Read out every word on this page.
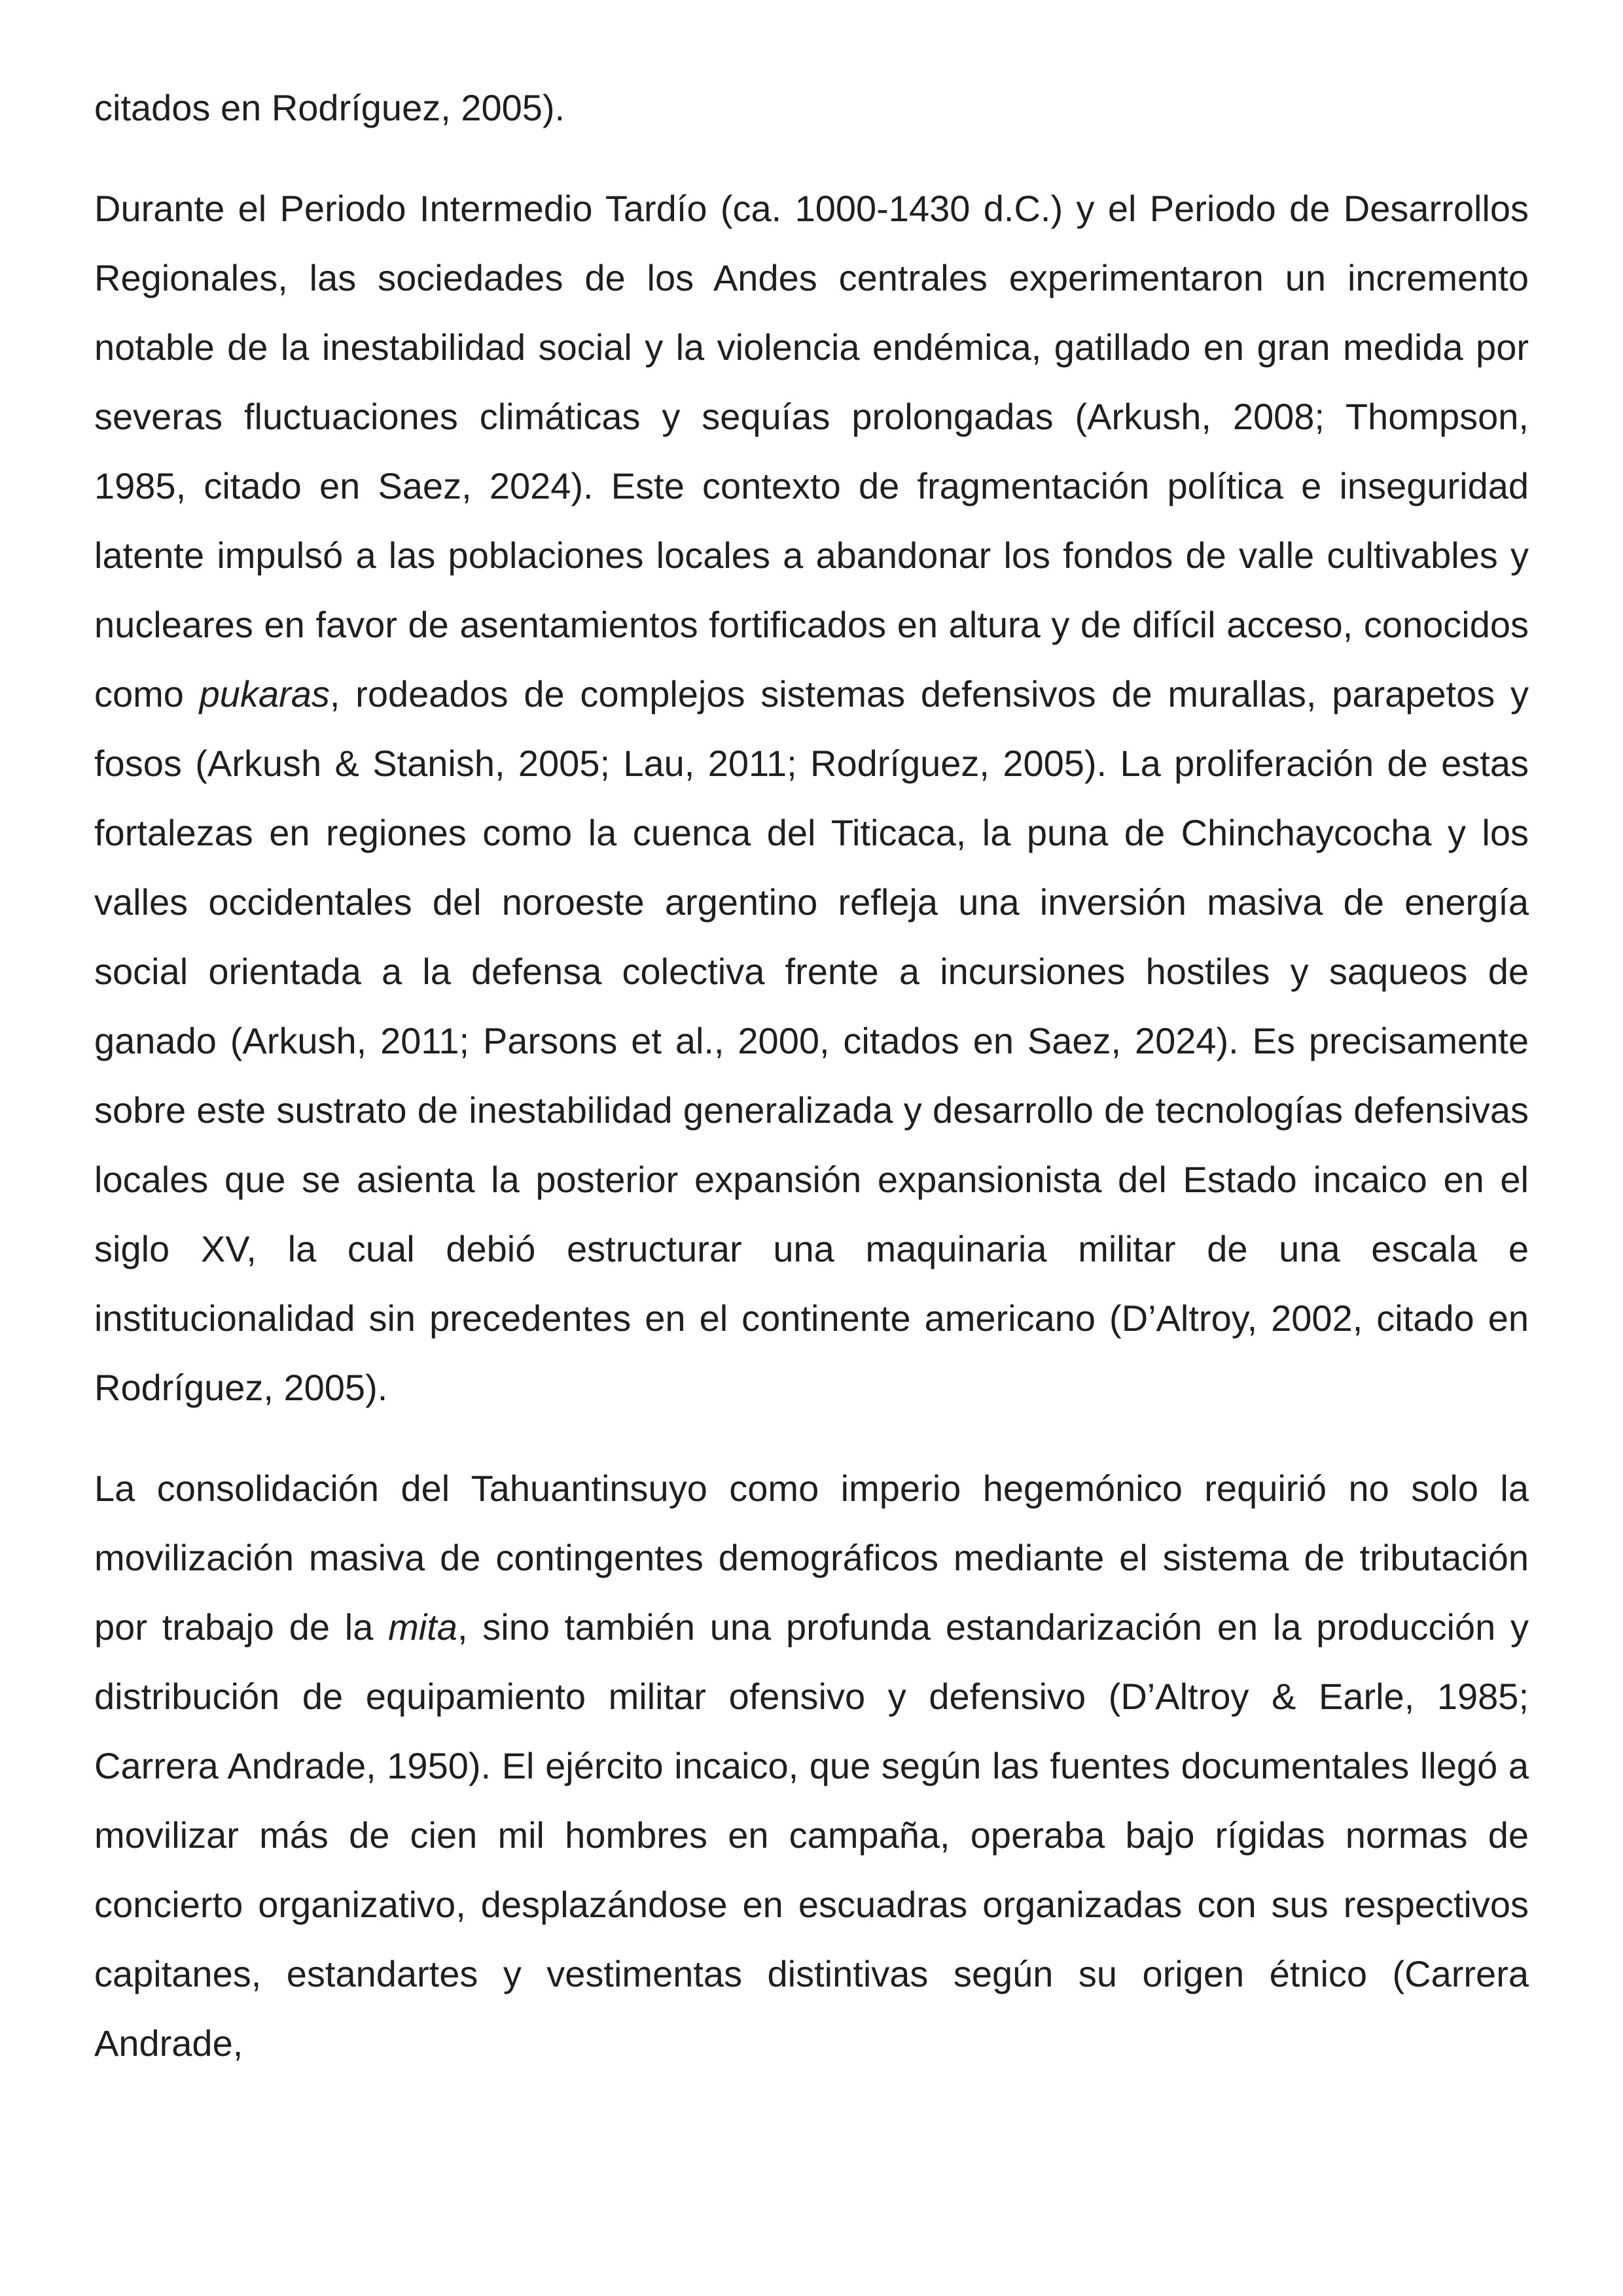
citados en Rodríguez, 2005).

Durante el Periodo Intermedio Tardío (ca. 1000-1430 d.C.) y el Periodo de Desarrollos Regionales, las sociedades de los Andes centrales experimentaron un incremento notable de la inestabilidad social y la violencia endémica, gatillado en gran medida por severas fluctuaciones climáticas y sequías prolongadas (Arkush, 2008; Thompson, 1985, citado en Saez, 2024). Este contexto de fragmentación política e inseguridad latente impulsó a las poblaciones locales a abandonar los fondos de valle cultivables y nucleares en favor de asentamientos fortificados en altura y de difícil acceso, conocidos como pukaras, rodeados de complejos sistemas defensivos de murallas, parapetos y fosos (Arkush & Stanish, 2005; Lau, 2011; Rodríguez, 2005). La proliferación de estas fortalezas en regiones como la cuenca del Titicaca, la puna de Chinchaycocha y los valles occidentales del noroeste argentino refleja una inversión masiva de energía social orientada a la defensa colectiva frente a incursiones hostiles y saqueos de ganado (Arkush, 2011; Parsons et al., 2000, citados en Saez, 2024). Es precisamente sobre este sustrato de inestabilidad generalizada y desarrollo de tecnologías defensivas locales que se asienta la posterior expansión expansionista del Estado incaico en el siglo XV, la cual debió estructurar una maquinaria militar de una escala e institucionalidad sin precedentes en el continente americano (D’Altroy, 2002, citado en Rodríguez, 2005).

La consolidación del Tahuantinsuyo como imperio hegemónico requirió no solo la movilización masiva de contingentes demográficos mediante el sistema de tributación por trabajo de la mita, sino también una profunda estandarización en la producción y distribución de equipamiento militar ofensivo y defensivo (D’Altroy & Earle, 1985; Carrera Andrade, 1950). El ejército incaico, que según las fuentes documentales llegó a movilizar más de cien mil hombres en campaña, operaba bajo rígidas normas de concierto organizativo, desplazándose en escuadras organizadas con sus respectivos capitanes, estandartes y vestimentas distintivas según su origen étnico (Carrera Andrade,
